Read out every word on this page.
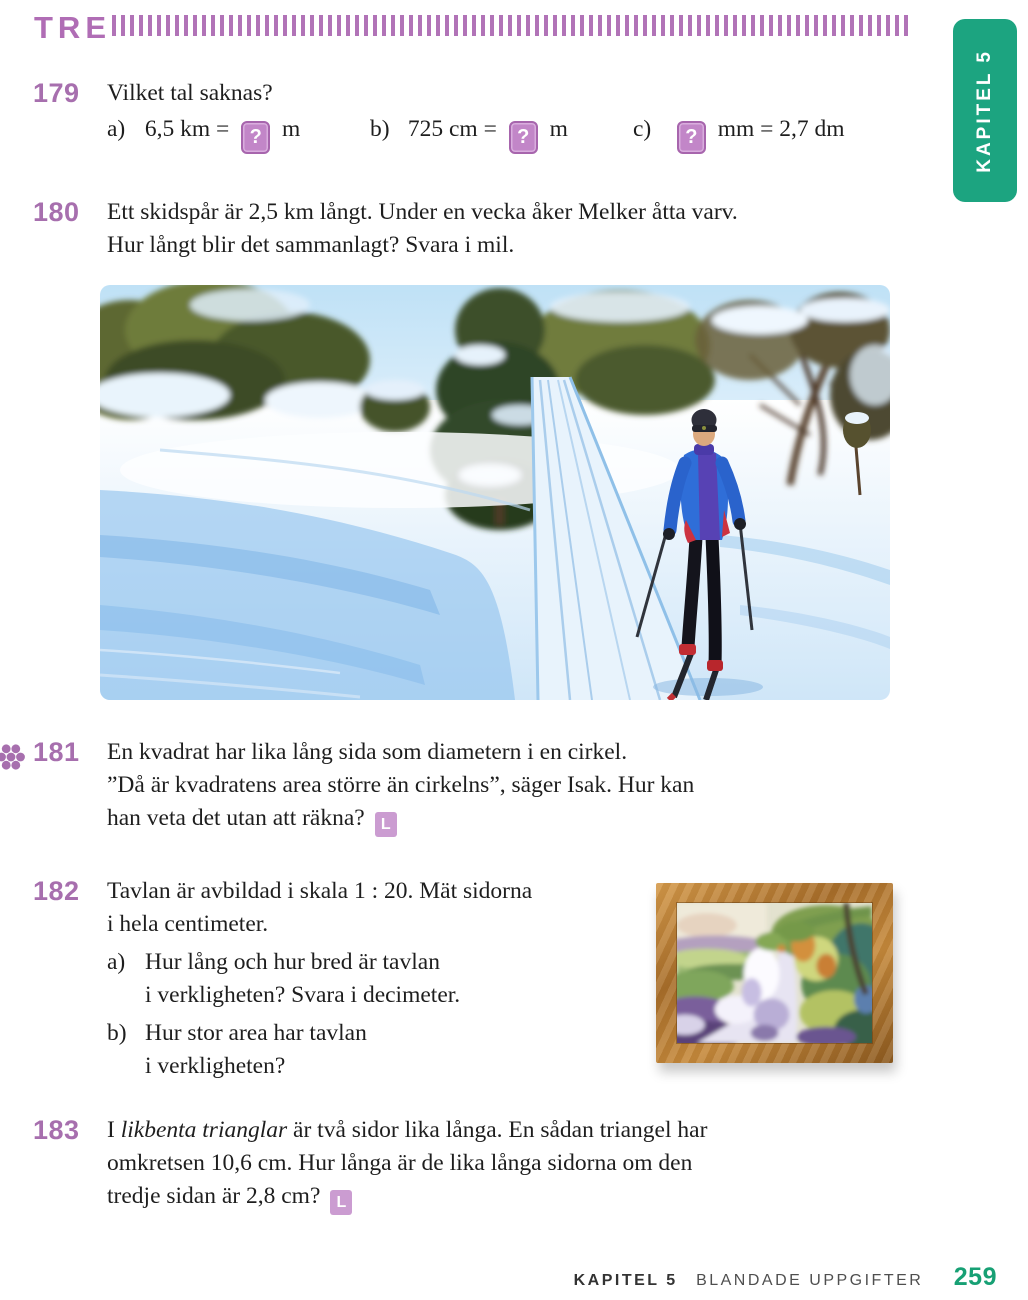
TRE
KAPITEL 5
179 Vilket tal saknas?
a) 6,5 km = ? m	b) 725 cm = ? m	c) ? mm = 2,7 dm
180 Ett skidspår är 2,5 km långt. Under en vecka åker Melker åtta varv.
Hur långt blir det sammanlagt? Svara i mil.
181 En kvadrat har lika lång sida som diametern i en cirkel.
”Då är kvadratens area större än cirkelns”, säger Isak. Hur kan
han veta det utan att räkna? L
182 Tavlan är avbildad i skala 1 : 20. Mät sidorna
i hela centimeter.
a) Hur lång och hur bred är tavlan
i verkligheten? Svara i decimeter.
b) Hur stor area har tavlan
i verkligheten?
183 I likbenta trianglar är två sidor lika långa. En sådan triangel har
omkretsen 10,6 cm. Hur långa är de lika långa sidorna om den
tredje sidan är 2,8 cm? L
KAPITEL 5 BLANDADE UPPGIFTER 259
